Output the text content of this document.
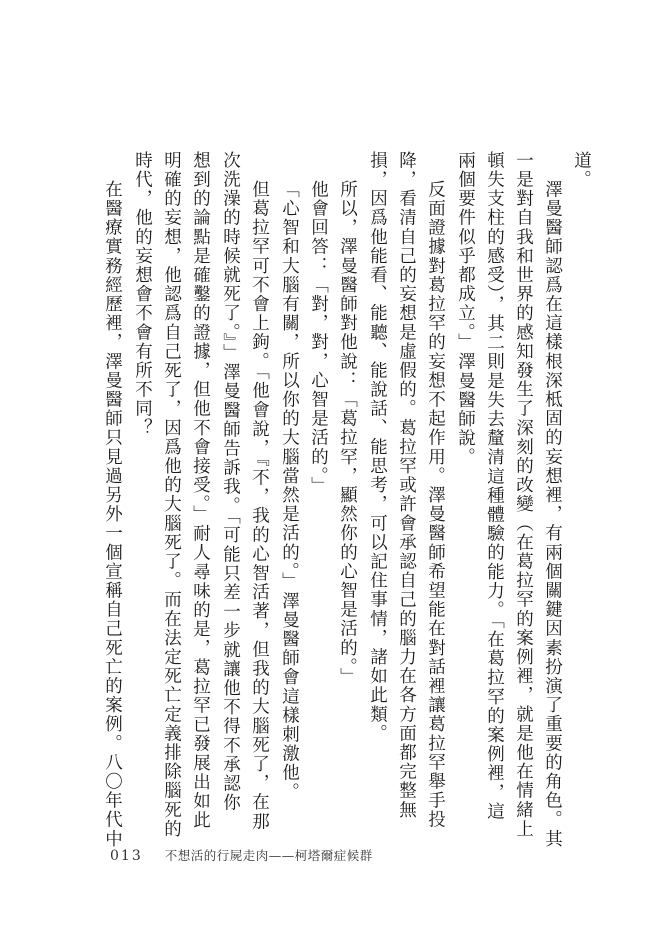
道。

澤曼醫師認爲在這樣根深柢固的妄想裡，有兩個關鍵因素扮演了重要的角色。其

一是對自我和世界的感知發生了深刻的改變（在葛拉罕的案例裡，就是他在情緒上

頓失支柱的感受），其二則是失去釐清這種體驗的能力。「在葛拉罕的案例裡，這

兩個要件似乎都成立。」澤曼醫師說。

反面證據對葛拉罕的妄想不起作用。澤曼醫師希望能在對話裡讓葛拉罕舉手投

降，看清自己的妄想是虛假的。葛拉罕或許會承認自己的腦力在各方面都完整無

損，因爲他能看、能聽、能說話、能思考，可以記住事情，諸如此類。

所以，澤曼醫師對他說：「葛拉罕，顯然你的心智是活的。」

他會回答：「對，對，心智是活的。」

「心智和大腦有關，所以你的大腦當然是活的。」澤曼醫師會這樣刺激他。

但葛拉罕可不會上鉤。「他會說，『不，我的心智活著，但我的大腦死了，在那

次洗澡的時候就死了。』」澤曼醫師告訴我。「可能只差一步就讓他不得不承認你

想到的論點是確鑿的證據，但他不會接受。」耐人尋味的是，葛拉罕已發展出如此

明確的妄想，他認爲自己死了，因爲他的大腦死了。而在法定死亡定義排除腦死的

時代，他的妄想會不會有所不同？

在醫療實務經歷裡，澤曼醫師只見過另外一個宣稱自己死亡的案例。八〇年代中

013 不想活的行屍走肉——柯塔爾症候群
